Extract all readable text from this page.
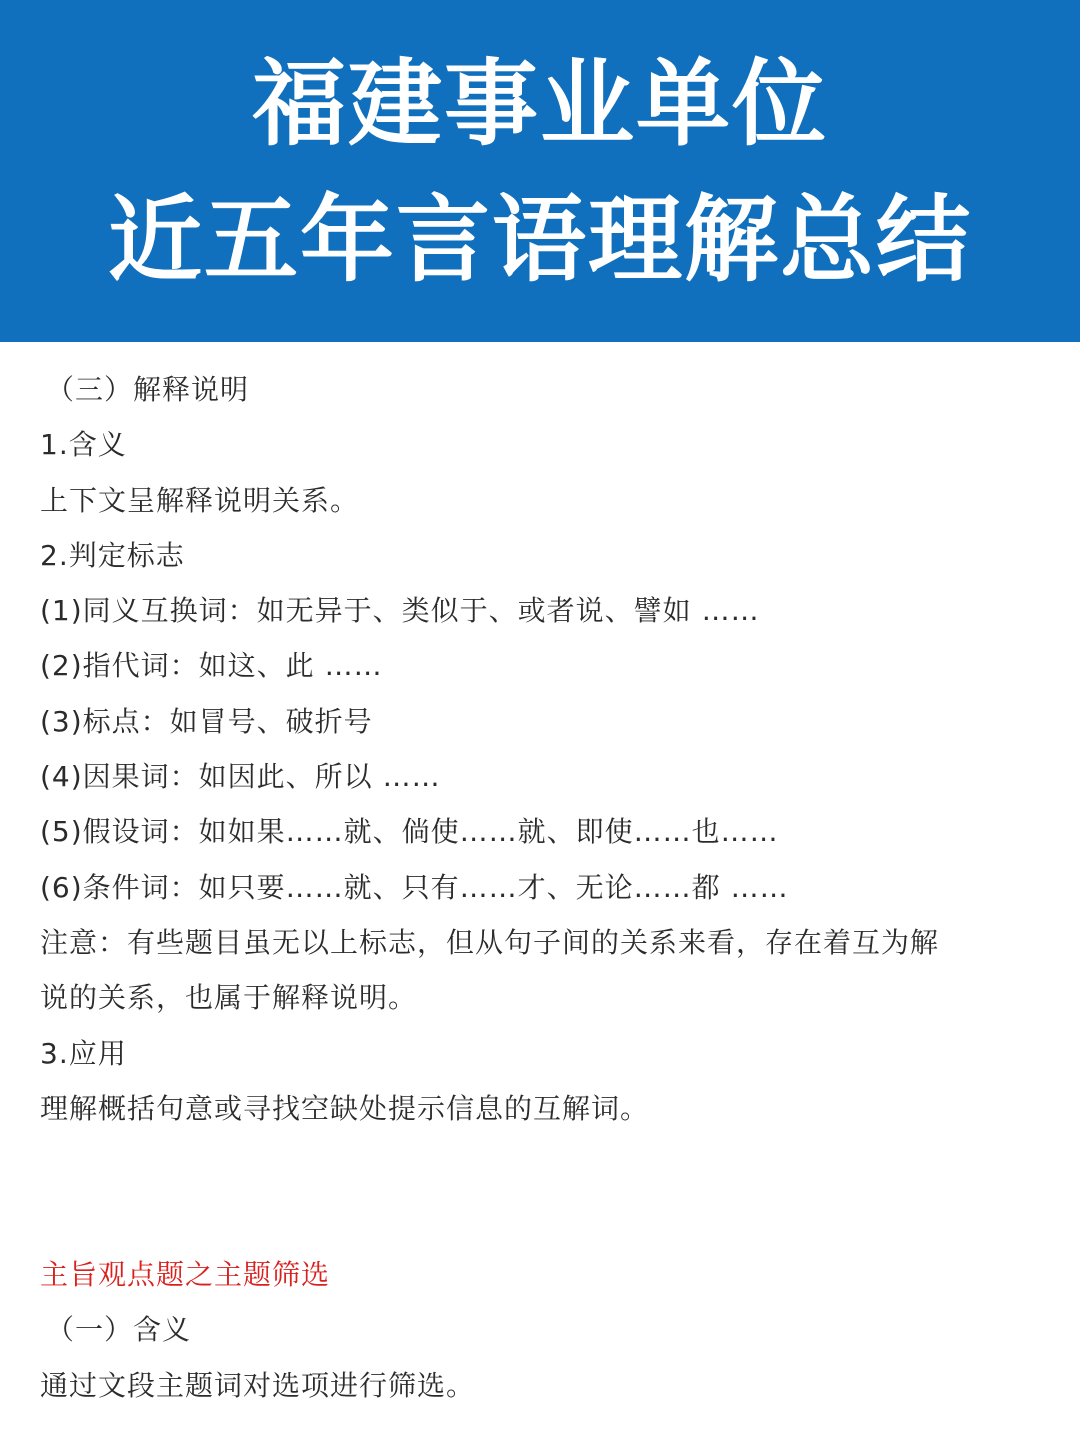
福建事业单位
近五年言语理解总结
（三）解释说明
1.含义
上下文呈解释说明关系。
2.判定标志
(1)同义互换词：如无异于、类似于、或者说、譬如 ……
(2)指代词：如这、此 ……
(3)标点：如冒号、破折号
(4)因果词：如因此、所以 ……
(5)假设词：如如果……就、倘使……就、即使……也……
(6)条件词：如只要……就、只有……才、无论……都 ……
注意：有些题目虽无以上标志，但从句子间的关系来看，存在着互为解
说的关系，也属于解释说明。
3.应用
理解概括句意或寻找空缺处提示信息的互解词。
主旨观点题之主题筛选
（一）含义
通过文段主题词对选项进行筛选。
